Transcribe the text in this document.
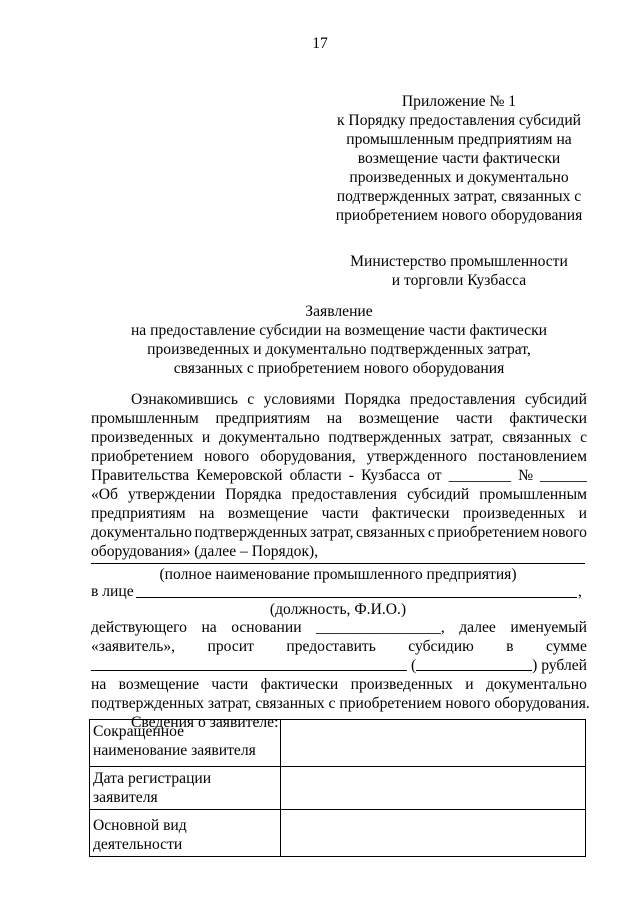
17
Приложение № 1
к Порядку предоставления субсидий
промышленным предприятиям на
возмещение части фактически
произведенных и документально
подтвержденных затрат, связанных с
приобретением нового оборудования
Министерство промышленности
и торговли Кузбасса
Заявление
на предоставление субсидии на возмещение части фактически
произведенных и документально подтвержденных затрат,
связанных с приобретением нового оборудования
Ознакомившись с условиями Порядка предоставления субсидий
промышленным предприятиям на возмещение части фактически
произведенных и документально подтвержденных затрат, связанных с
приобретением нового оборудования, утвержденного постановлением
Правительства Кемеровской области - Кузбасса от ________ № ______
«Об утверждении Порядка предоставления субсидий промышленным
предприятиям на возмещение части фактически произведенных и
документально подтвержденных затрат, связанных с приобретением нового
оборудования» (далее – Порядок),
(полное наименование промышленного предприятия)
в лице	,
(должность, Ф.И.О.)
действующего на основании ________________, далее именуемый
«заявитель», просит предоставить субсидию в сумме
(	) рублей
на возмещение части фактически произведенных и документально
подтвержденных затрат, связанных с приобретением нового оборудования.
Сведения о заявителе:
Сокращенное наименование заявителя	
Дата регистрации заявителя	
Основной вид деятельности	
